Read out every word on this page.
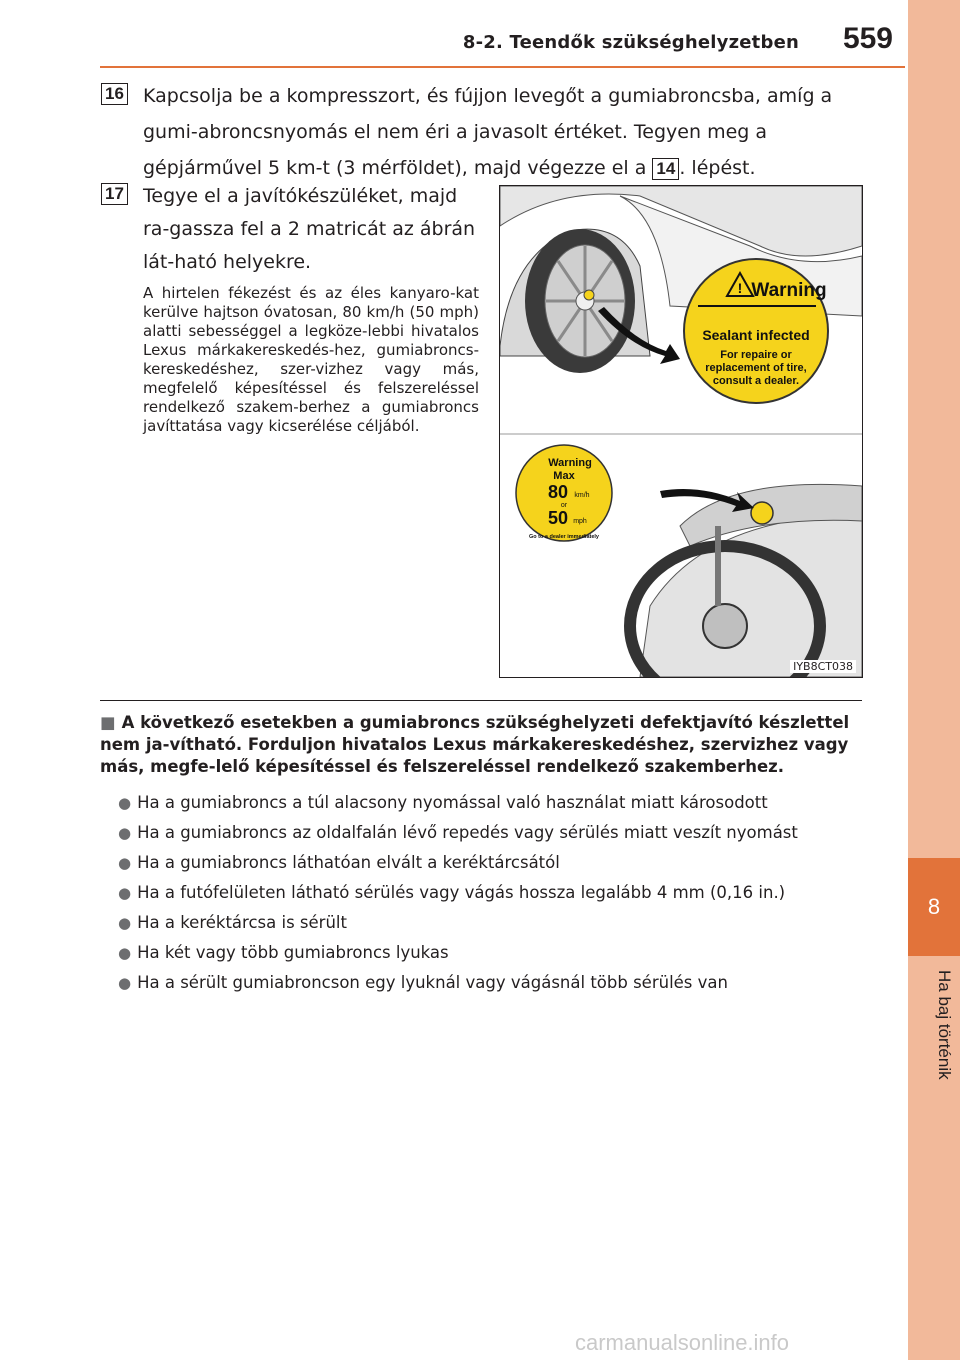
8-2. Teendők szükséghelyzetben 559
8
Ha baj történik
16 Kapcsolja be a kompresszort, és fújjon levegőt a gumiabroncsba, amíg a gumi-abroncsnyomás el nem éri a javasolt értéket. Tegyen meg a gépjárművel 5 km-t (3 mérföldet), majd végezze el a 14 . lépést.
17 Tegye el a javítókészüléket, majd ra-gassza fel a 2 matricát az ábrán lát-ható helyekre.
A hirtelen fékezést és az éles kanyaro-kat kerülve hajtson óvatosan, 80 km/h (50 mph) alatti sebességgel a legköze-lebbi hivatalos Lexus márkakereskedés-hez, gumiabroncs-kereskedéshez, szer-vizhez vagy más, megfelelő képesítéssel és felszereléssel rendelkező szakem-berhez a gumiabroncs javíttatása vagy kicserélése céljából.
! Warning
Sealant infected
For repaire or
replacement of tire,
consult a dealer.
Warning
Max
80 km/h
or
50 mph
Go to a dealer immediately
IYB8CT038
■ A következő esetekben a gumiabroncs szükséghelyzeti defektjavító készlettel nem ja-vítható. Forduljon hivatalos Lexus márkakereskedéshez, szervizhez vagy más, megfe-lelő képesítéssel és felszereléssel rendelkező szakemberhez.
● Ha a gumiabroncs a túl alacsony nyomással való használat miatt károsodott
● Ha a gumiabroncs az oldalfalán lévő repedés vagy sérülés miatt veszít nyomást
● Ha a gumiabroncs láthatóan elvált a keréktárcsától
● Ha a futófelületen látható sérülés vagy vágás hossza legalább 4 mm (0,16 in.)
● Ha a keréktárcsa is sérült
● Ha két vagy több gumiabroncs lyukas
● Ha a sérült gumiabroncson egy lyuknál vagy vágásnál több sérülés van
carmanualsonline.info
